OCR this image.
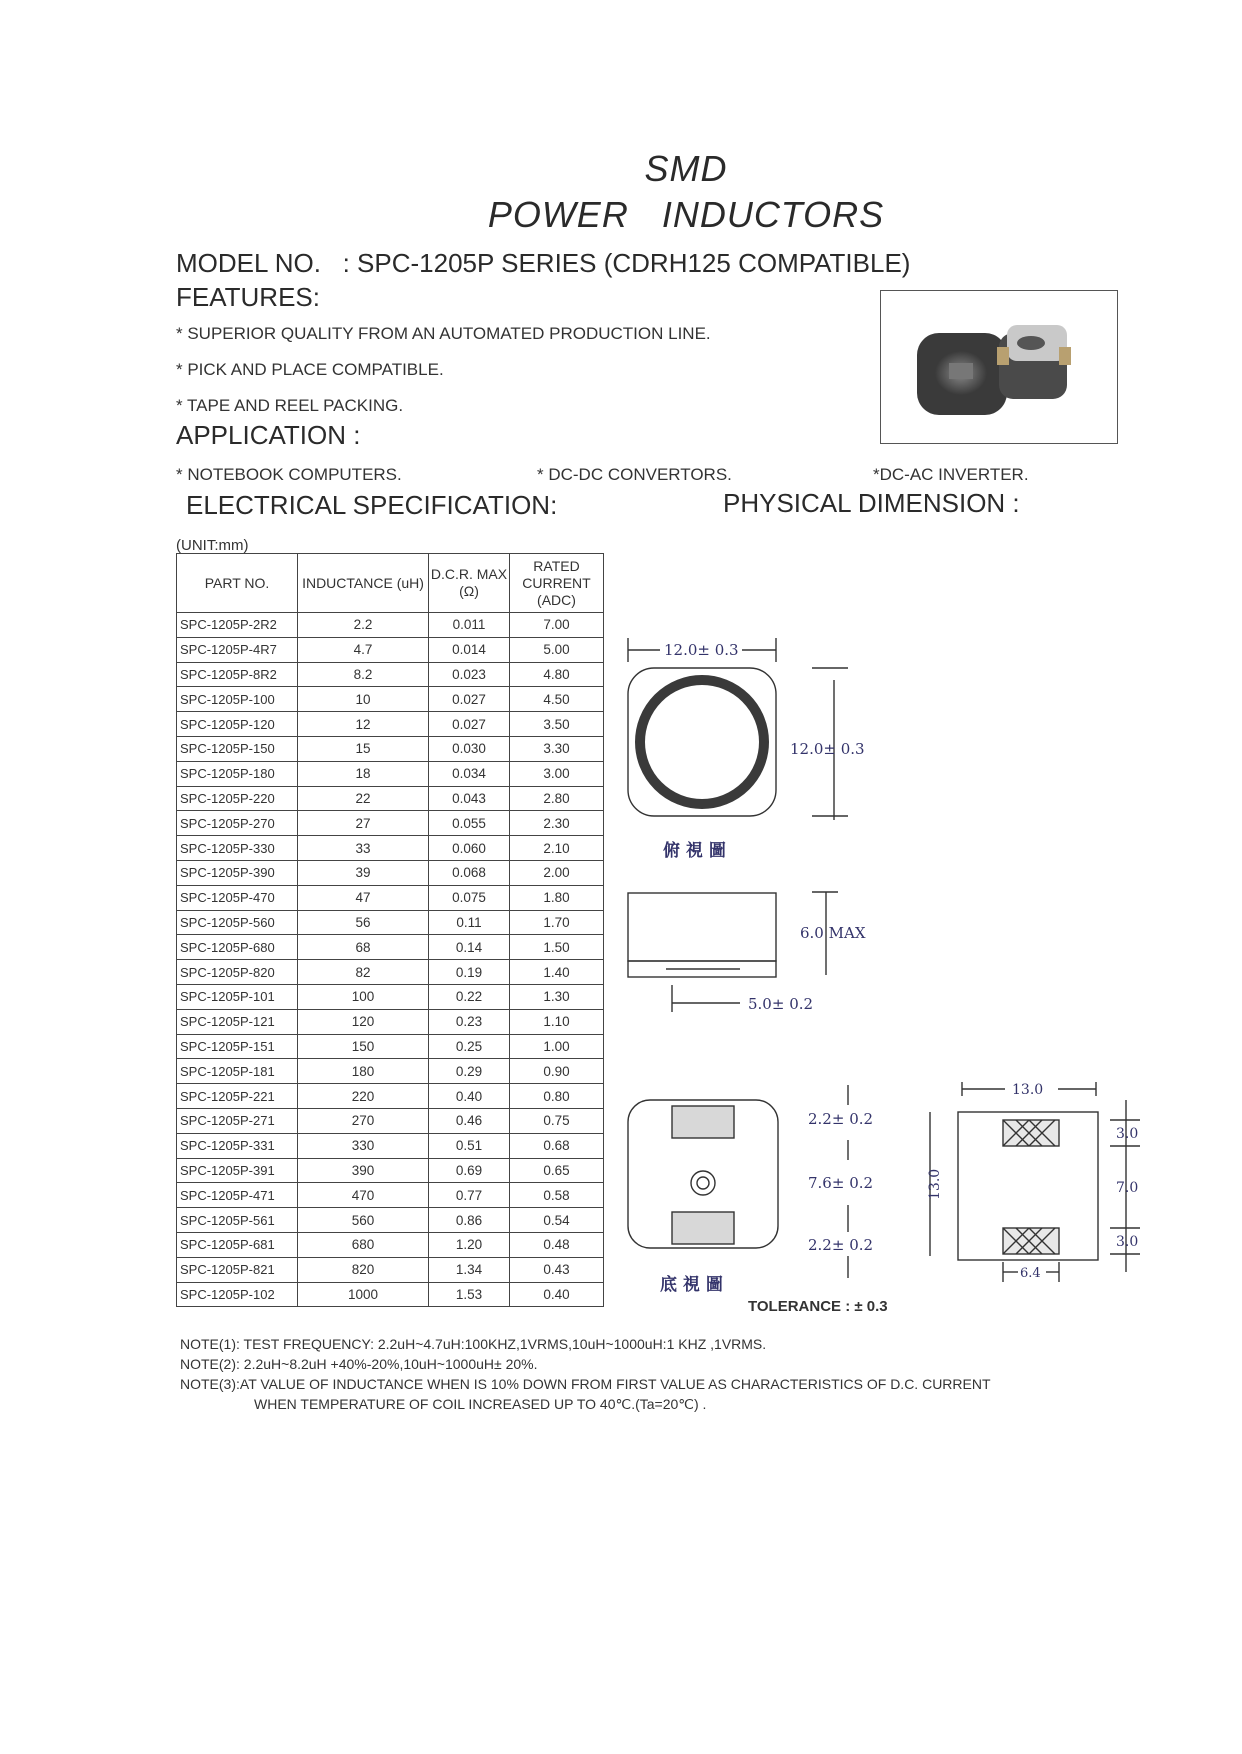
SMD
POWER INDUCTORS
MODEL NO.   : SPC-1205P SERIES (CDRH125 COMPATIBLE)
FEATURES:
* SUPERIOR QUALITY FROM AN AUTOMATED PRODUCTION LINE.
* PICK AND PLACE COMPATIBLE.
* TAPE AND REEL PACKING.
APPLICATION :
* NOTEBOOK COMPUTERS.	* DC-DC CONVERTORS.	*DC-AC INVERTER.
ELECTRICAL SPECIFICATION:	PHYSICAL DIMENSION :
(UNIT:mm)
PART NO.	INDUCTANCE (uH)	D.C.R. MAX (Ω)	RATED CURRENT (ADC)
SPC-1205P-2R2	2.2	0.011	7.00
SPC-1205P-4R7	4.7	0.014	5.00
SPC-1205P-8R2	8.2	0.023	4.80
SPC-1205P-100	10	0.027	4.50
SPC-1205P-120	12	0.027	3.50
SPC-1205P-150	15	0.030	3.30
SPC-1205P-180	18	0.034	3.00
SPC-1205P-220	22	0.043	2.80
SPC-1205P-270	27	0.055	2.30
SPC-1205P-330	33	0.060	2.10
SPC-1205P-390	39	0.068	2.00
SPC-1205P-470	47	0.075	1.80
SPC-1205P-560	56	0.11	1.70
SPC-1205P-680	68	0.14	1.50
SPC-1205P-820	82	0.19	1.40
SPC-1205P-101	100	0.22	1.30
SPC-1205P-121	120	0.23	1.10
SPC-1205P-151	150	0.25	1.00
SPC-1205P-181	180	0.29	0.90
SPC-1205P-221	220	0.40	0.80
SPC-1205P-271	270	0.46	0.75
SPC-1205P-331	330	0.51	0.68
SPC-1205P-391	390	0.69	0.65
SPC-1205P-471	470	0.77	0.58
SPC-1205P-561	560	0.86	0.54
SPC-1205P-681	680	1.20	0.48
SPC-1205P-821	820	1.34	0.43
SPC-1205P-102	1000	1.53	0.40
12.0± 0.3
12.0± 0.3
俯 視 圖
6.0 MAX
5.0± 0.2
2.2± 0.2
7.6± 0.2
2.2± 0.2
底 視 圖
13.0
13.0
3.0
7.0
3.0
6.4
TOLERANCE : ± 0.3
NOTE(1): TEST FREQUENCY: 2.2uH~4.7uH:100KHZ,1VRMS,10uH~1000uH:1 KHZ ,1VRMS.
NOTE(2): 2.2uH~8.2uH +40%-20%,10uH~1000uH± 20%.
NOTE(3):AT VALUE OF INDUCTANCE WHEN IS 10% DOWN FROM FIRST VALUE AS CHARACTERISTICS OF D.C. CURRENT
WHEN TEMPERATURE OF COIL INCREASED UP TO 40℃.(Ta=20℃) .
